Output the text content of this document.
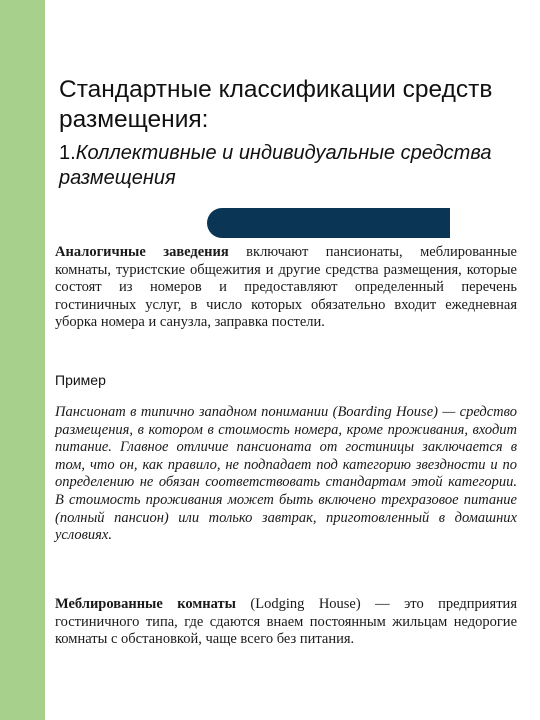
Стандартные классификации средств размещения:
1.Коллективные и индивидуальные средства размещения

Аналогичные заведения включают пансионаты, меблированные комнаты, туристские общежития и другие средства размещения, которые состоят из номеров и предоставляют определенный перечень гостиничных услуг, в число которых обязательно входит ежедневная уборка номера и санузла, заправка постели.

Пример

Пансионат в типично западном понимании (Boarding House) — средство размещения, в котором в стоимость номера, кроме проживания, входит питание. Главное отличие пансионата от гостиницы заключается в том, что он, как правило, не подпадает под категорию звездности и по определению не обязан соответствовать стандартам этой категории. В стоимость проживания может быть включено трехразовое питание (полный пансион) или только завтрак, приготовленный в домашних условиях.

Меблированные комнаты (Lodging House) — это предприятия гостиничного типа, где сдаются внаем постоянным жильцам недорогие комнаты с обстановкой, чаще всего без питания.
